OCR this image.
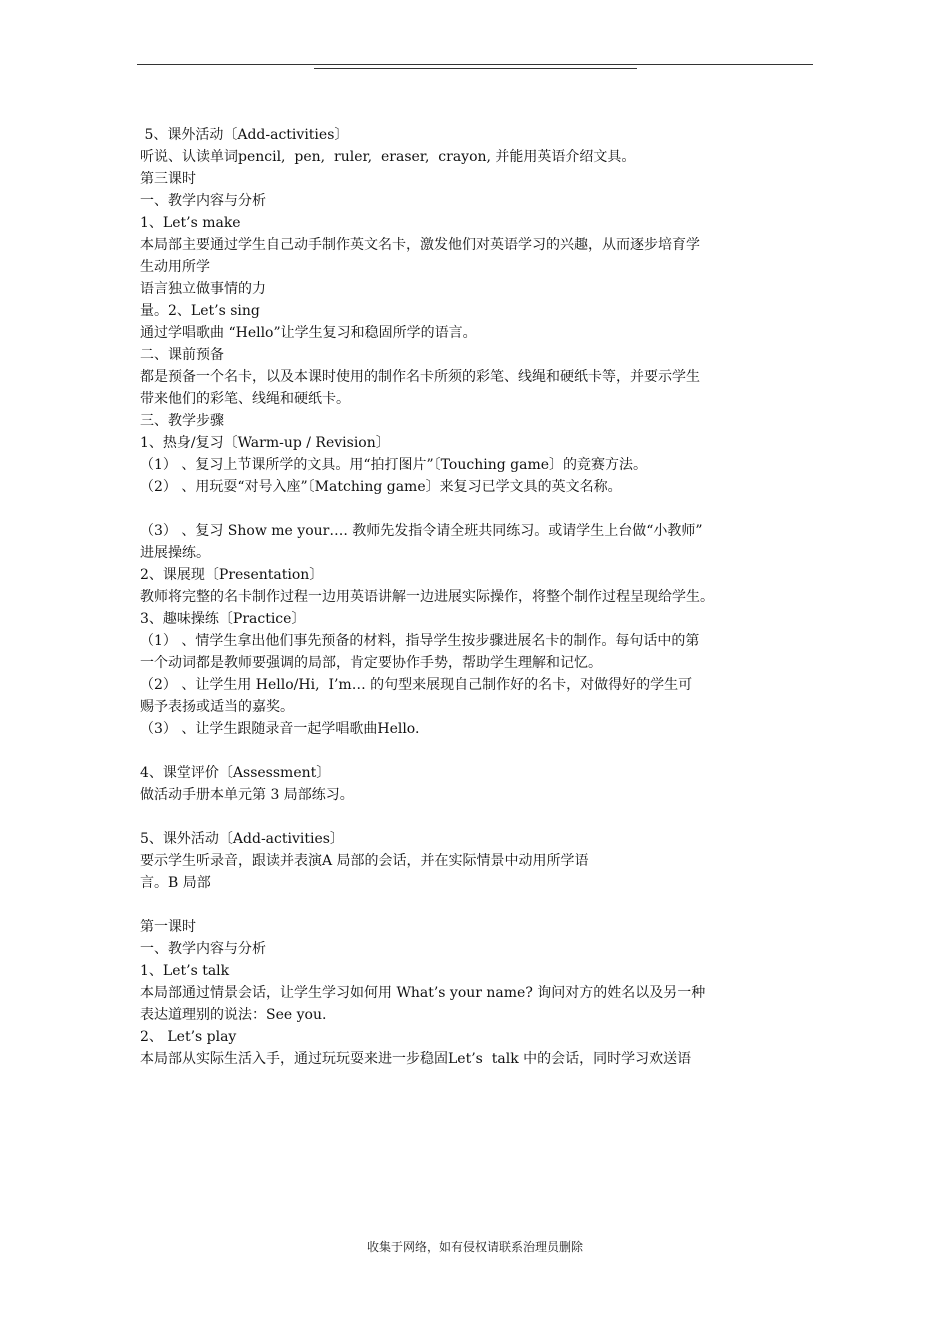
5、课外活动〔Add-activities〕
听说、认读单词pencil,  pen,  ruler,  eraser,  crayon, 并能用英语介绍文具。
第三课时
一、教学内容与分析
1、Let’s make
本局部主要通过学生自己动手制作英文名卡，激发他们对英语学习的兴趣，从而逐步培育学
生动用所学
语言独立做事情的力
量。2、Let’s sing
通过学唱歌曲 “Hello”让学生复习和稳固所学的语言。
二、课前预备
都是预备一个名卡，以及本课时使用的制作名卡所须的彩笔、线绳和硬纸卡等，并要示学生
带来他们的彩笔、线绳和硬纸卡。
三、教学步骤
1、热身/复习〔Warm-up / Revision〕
（1） 、复习上节课所学的文具。用“拍打图片”〔Touching game〕的竞赛方法。
（2） 、用玩耍“对号入座”〔Matching game〕来复习已学文具的英文名称。
（3） 、复习 Show me your…. 教师先发指令请全班共同练习。或请学生上台做“小教师”
进展操练。
2、课展现〔Presentation〕
教师将完整的名卡制作过程一边用英语讲解一边进展实际操作，将整个制作过程呈现给学生。
3、趣味操练〔Practice〕
（1） 、情学生拿出他们事先预备的材料，指导学生按步骤进展名卡的制作。每句话中的第
一个动词都是教师要强调的局部，肯定要协作手势，帮助学生理解和记忆。
（2） 、让学生用 Hello/Hi,  I’m… 的句型来展现自己制作好的名卡，对做得好的学生可
赐予表扬或适当的嘉奖。
（3） 、让学生跟随录音一起学唱歌曲Hello.
4、课堂评价〔Assessment〕
做活动手册本单元第 3 局部练习。
5、课外活动〔Add-activities〕
要示学生听录音，跟读并表演A 局部的会话，并在实际情景中动用所学语
言。B 局部
第一课时
一、教学内容与分析
1、Let’s talk
本局部通过情景会话，让学生学习如何用 What’s your name? 询问对方的姓名以及另一种
表达道理别的说法：See you.
2、 Let’s play
本局部从实际生活入手，通过玩玩耍来进一步稳固Let’s  talk 中的会话，同时学习欢送语
收集于网络，如有侵权请联系治理员删除
